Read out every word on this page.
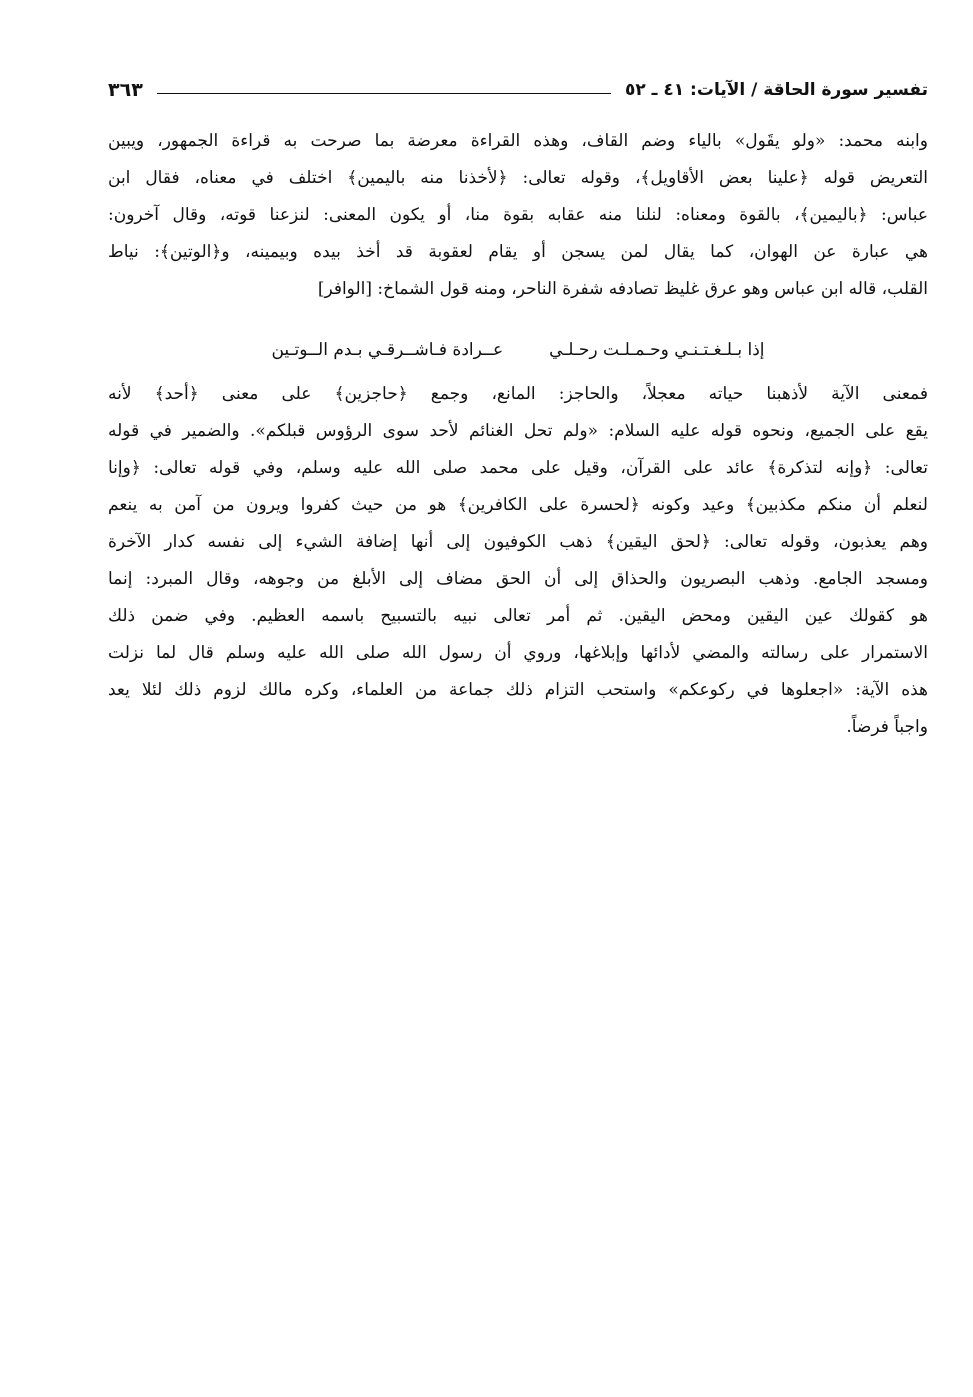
تفسير سورة الحاقة / الآيات: ٤١ ـ ٥٢
٣٦٣
وابنه محمد: «ولو يقَول» بالياء وضم القاف، وهذه القراءة معرضة بما صرحت به قراءة الجمهور، ويبين
التعريض قوله ﴿علينا بعض الأقاويل﴾، وقوله تعالى: ﴿لأخذنا منه باليمين﴾ اختلف في معناه، فقال ابن
عباس: ﴿باليمين﴾، بالقوة ومعناه: لنلنا منه عقابه بقوة منا، أو يكون المعنى: لنزعنا قوته، وقال آخرون:
هي عبارة عن الهوان، كما يقال لمن يسجن أو يقام لعقوبة قد أخذ بيده وبيمينه، و﴿الوتين﴾: نياط
القلب، قاله ابن عباس وهو عرق غليظ تصادفه شفرة الناحر، ومنه قول الشماخ: [الوافر]
إذا بـلـغـتـنـي وحـمـلـت رحـلـي
عــرادة فـاشــرقـي بـدم الــوتـين
فمعنى الآية لأذهبنا حياته معجلاً، والحاجز: المانع، وجمع ﴿حاجزين﴾ على معنى ﴿أحد﴾ لأنه
يقع على الجميع، ونحوه قوله عليه السلام: «ولم تحل الغنائم لأحد سوى الرؤوس قبلكم». والضمير في قوله
تعالى: ﴿وإنه لتذكرة﴾ عائد على القرآن، وقيل على محمد صلى الله عليه وسلم، وفي قوله تعالى: ﴿وإنا
لنعلم أن منكم مكذبين﴾ وعيد وكونه ﴿لحسرة على الكافرين﴾ هو من حيث كفروا ويرون من آمن به ينعم
وهم يعذبون، وقوله تعالى: ﴿لحق اليقين﴾ ذهب الكوفيون إلى أنها إضافة الشيء إلى نفسه كدار الآخرة
ومسجد الجامع. وذهب البصريون والحذاق إلى أن الحق مضاف إلى الأبلغ من وجوهه، وقال المبرد: إنما
هو كقولك عين اليقين ومحض اليقين. ثم أمر تعالى نبيه بالتسبيح باسمه العظيم. وفي ضمن ذلك
الاستمرار على رسالته والمضي لأدائها وإبلاغها، وروي أن رسول الله صلى الله عليه وسلم قال لما نزلت
هذه الآية: «اجعلوها في ركوعكم» واستحب التزام ذلك جماعة من العلماء، وكره مالك لزوم ذلك لئلا يعد
واجباً فرضاً.
